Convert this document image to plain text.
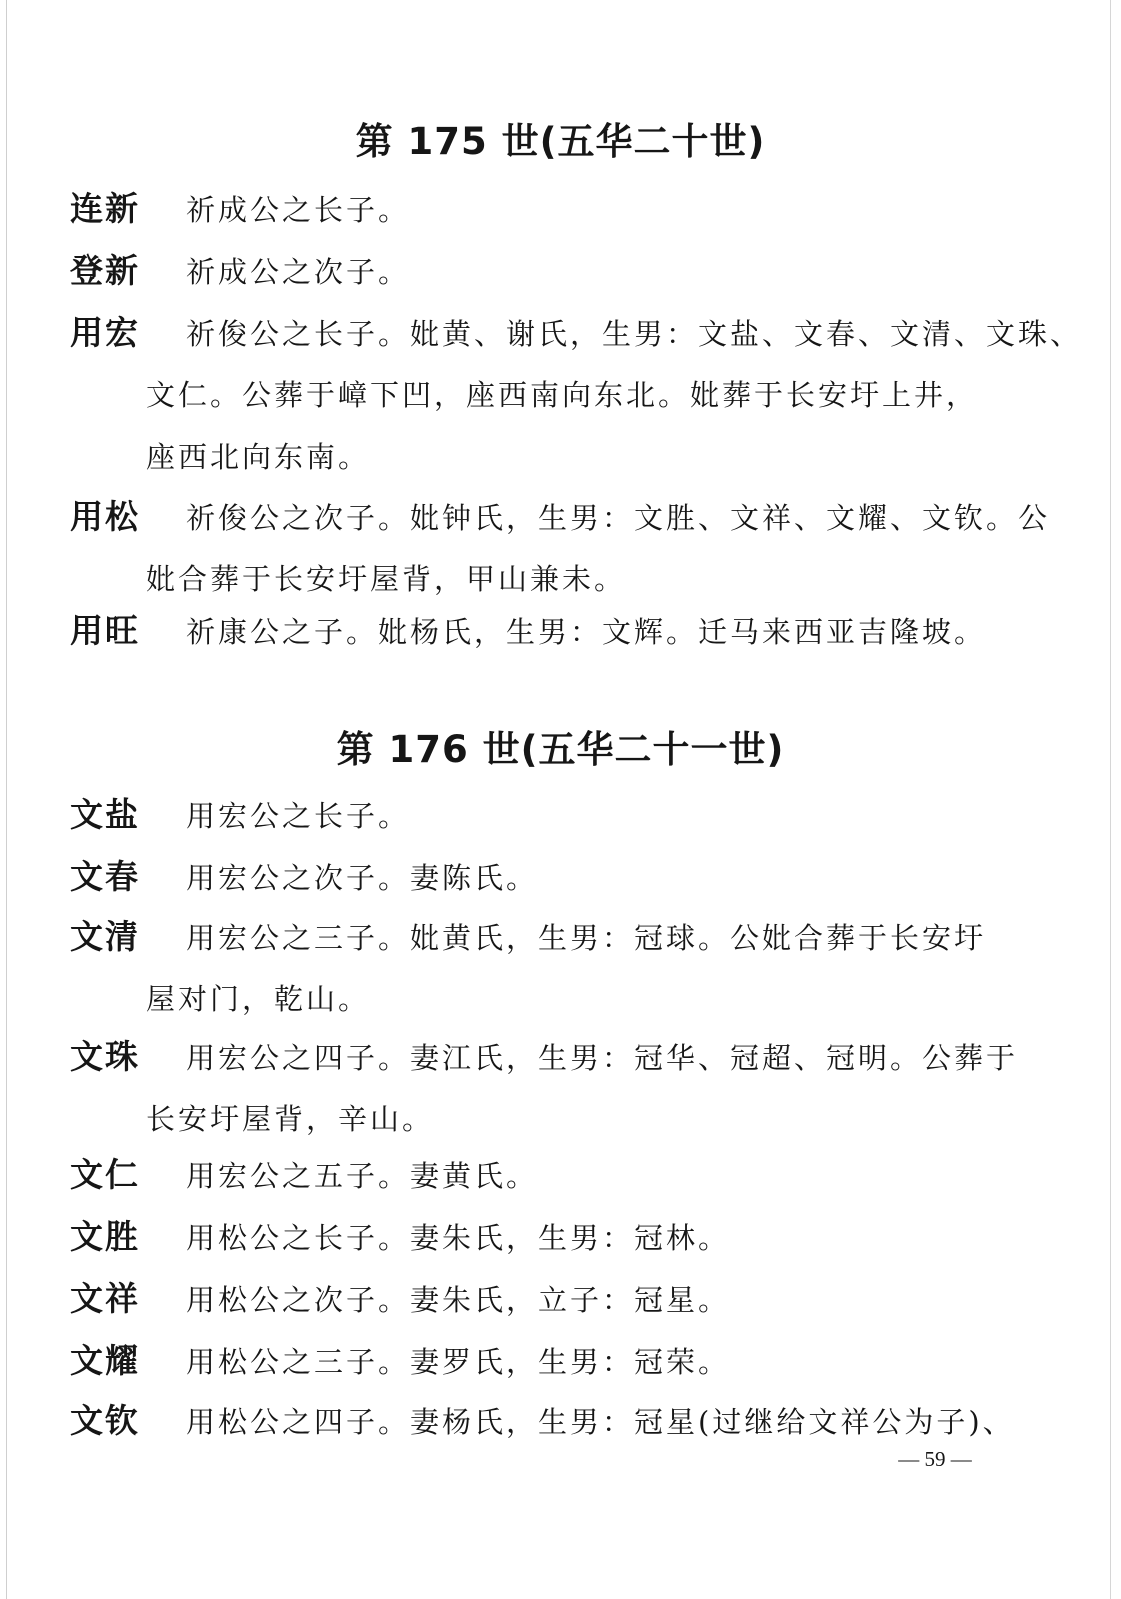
第 175 世(五华二十世)
连新 祈成公之长子。
登新 祈成公之次子。
用宏 祈俊公之长子。妣黄、谢氏，生男：文盐、文春、文清、文珠、
文仁。公葬于嶂下凹，座西南向东北。妣葬于长安圩上井，
座西北向东南。
用松 祈俊公之次子。妣钟氏，生男：文胜、文祥、文耀、文钦。公
妣合葬于长安圩屋背，甲山兼未。
用旺 祈康公之子。妣杨氏，生男：文辉。迁马来西亚吉隆坡。
第 176 世(五华二十一世)
文盐 用宏公之长子。
文春 用宏公之次子。妻陈氏。
文清 用宏公之三子。妣黄氏，生男：冠球。公妣合葬于长安圩
屋对门，乾山。
文珠 用宏公之四子。妻江氏，生男：冠华、冠超、冠明。公葬于
长安圩屋背，辛山。
文仁 用宏公之五子。妻黄氏。
文胜 用松公之长子。妻朱氏，生男：冠林。
文祥 用松公之次子。妻朱氏，立子：冠星。
文耀 用松公之三子。妻罗氏，生男：冠荣。
文钦 用松公之四子。妻杨氏，生男：冠星(过继给文祥公为子)、
— 59 —
